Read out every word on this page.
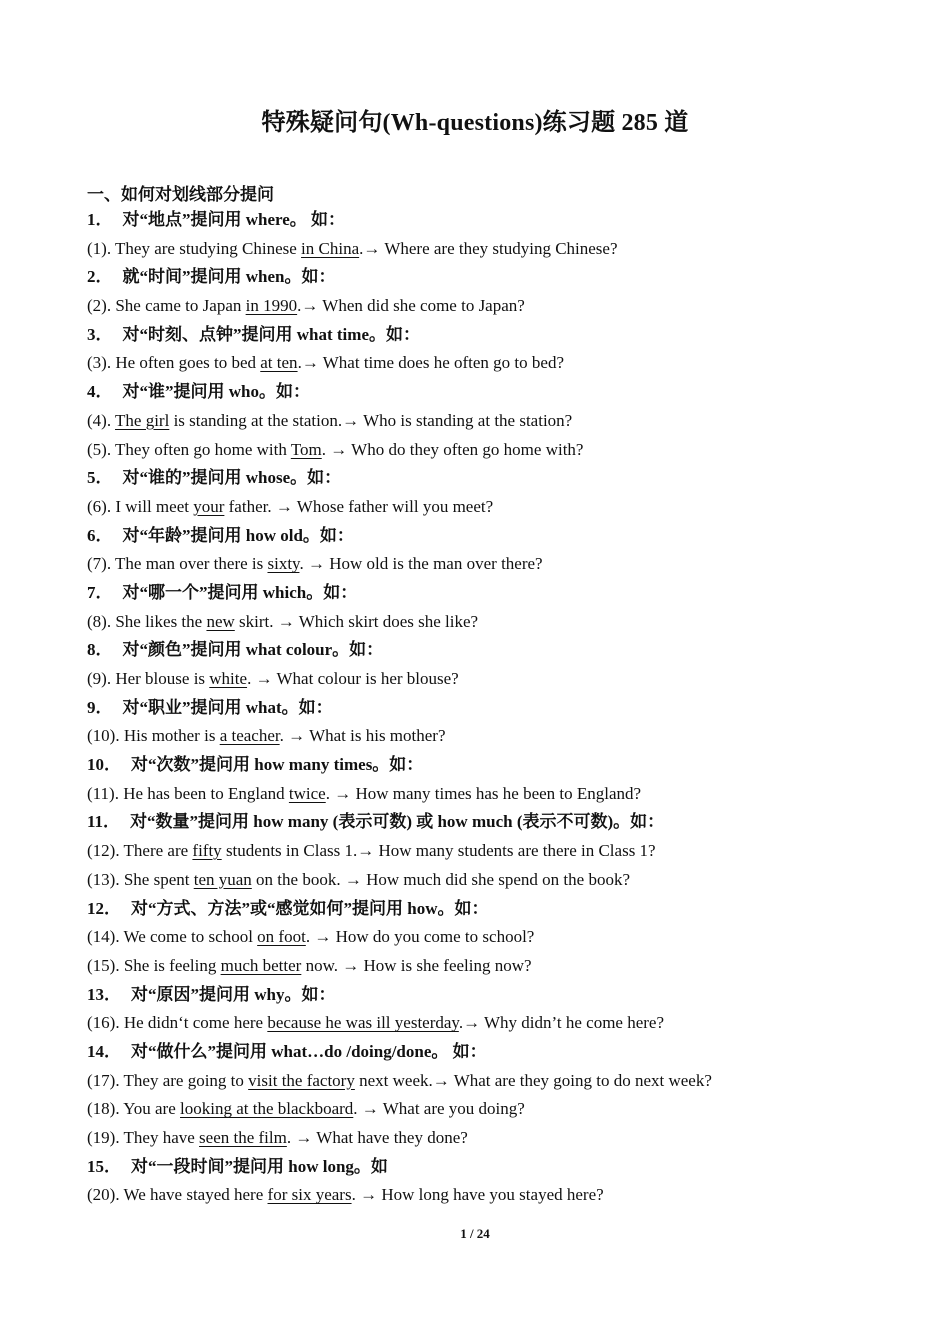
特殊疑问句(Wh-questions)练习题 285 道
一、如何对划线部分提问
1． 对“地点”提问用 where。 如：
(1). They are studying Chinese in China.→ Where are they studying Chinese?
2． 就“时间”提问用 when。如：
(2). She came to Japan in 1990.→ When did she come to Japan?
3． 对“时刻、点钟”提问用 what time。如：
(3). He often goes to bed at ten.→ What time does he often go to bed?
4． 对“谁”提问用 who。如：
(4). The girl is standing at the station.→ Who is standing at the station?
(5). They often go home with Tom. → Who do they often go home with?
5． 对“谁的”提问用 whose。如：
(6). I will meet your father. → Whose father will you meet?
6． 对“年龄”提问用 how old。如：
(7). The man over there is sixty. → How old is the man over there?
7． 对“哪一个”提问用 which。如：
(8). She likes the new skirt. → Which skirt does she like?
8． 对“颜色”提问用 what colour。如：
(9). Her blouse is white. → What colour is her blouse?
9． 对“职业”提问用 what。如：
(10). His mother is a teacher. → What is his mother?
10． 对“次数”提问用 how many times。如：
(11). He has been to England twice. → How many times has he been to England?
11． 对“数量”提问用 how many (表示可数) 或 how much (表示不可数)。如：
(12). There are fifty students in Class 1.→ How many students are there in Class 1?
(13). She spent ten yuan on the book. → How much did she spend on the book?
12． 对“方式、方法”或“感觉如何”提问用 how。如：
(14). We come to school on foot. → How do you come to school?
(15). She is feeling much better now. → How is she feeling now?
13． 对“原因”提问用 why。如：
(16). He didn‘t come here because he was ill yesterday.→ Why didn’t he come here?
14． 对“做什么”提问用 what…do /doing/done。 如：
(17). They are going to visit the factory next week.→ What are they going to do next week?
(18). You are looking at the blackboard. → What are you doing?
(19). They have seen the film. → What have they done?
15． 对“一段时间”提问用 how long。如
(20). We have stayed here for six years. → How long have you stayed here?
1 / 24
